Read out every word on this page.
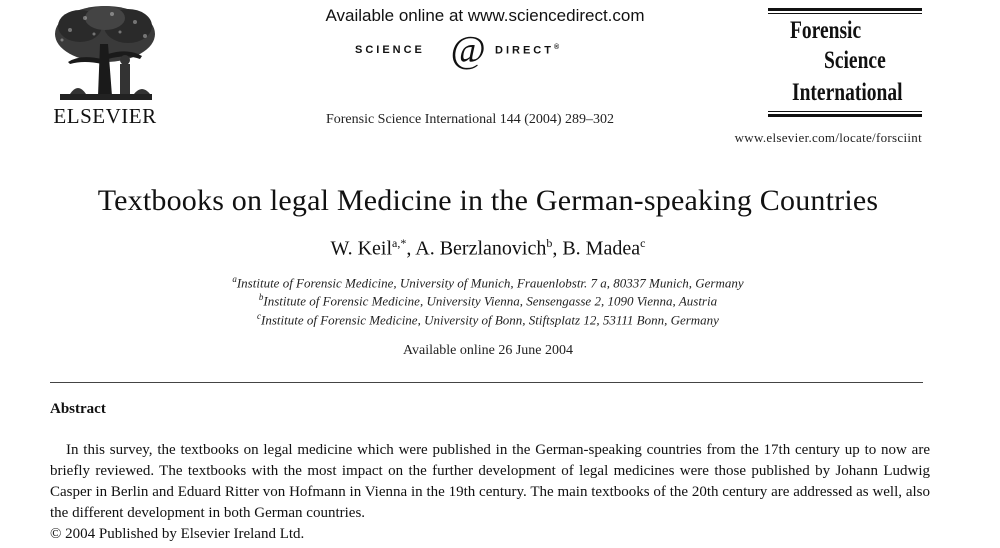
ELSEVIER
Available online at www.sciencedirect.com
SCIENCE @ DIRECT®
Forensic Science International 144 (2004) 289–302
Forensic
Science
International
www.elsevier.com/locate/forsciint
Textbooks on legal Medicine in the German-speaking Countries
W. Keil$^{a,*}$, A. Berzlanovich$^b$, B. Madea$^c$
$^a$Institute of Forensic Medicine, University of Munich, Frauenlobstr. 7 a, 80337 Munich, Germany
$^b$Institute of Forensic Medicine, University Vienna, Sensengasse 2, 1090 Vienna, Austria
$^c$Institute of Forensic Medicine, University of Bonn, Stiftsplatz 12, 53111 Bonn, Germany
Available online 26 June 2004
Abstract

In this survey, the textbooks on legal medicine which were published in the German-speaking countries from the 17th century up to now are briefly reviewed. The textbooks with the most impact on the further development of legal medicines were those published by Johann Ludwig Casper in Berlin and Eduard Ritter von Hofmann in Vienna in the 19th century. The main textbooks of the 20th century are addressed as well, also the different development in both German countries.

© 2004 Published by Elsevier Ireland Ltd.
